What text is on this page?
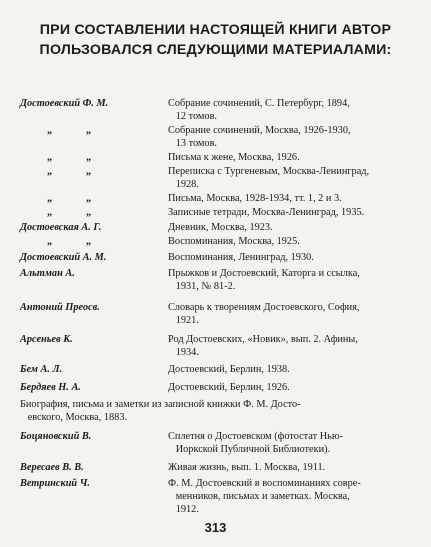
ПРИ СОСТАВЛЕНИИ НАСТОЯЩЕЙ КНИГИ АВТОР
ПОЛЬЗОВАЛСЯ СЛЕДУЮЩИМИ МАТЕРИАЛАМИ:
Достоевский Ф. М.	Собрание сочинений, С. Петербург, 1894,
12 томов.
„	„	Собрание сочинений, Москва, 1926-1930,
13 томов.
„	„	Письма к жене, Москва, 1926.
„	„	Переписка с Тургеневым, Москва-Ленинград,
1928.
„	„	Письма, Москва, 1928-1934, тт. 1, 2 и 3.
„	„	Записные тетради, Москва-Ленинград, 1935.
Достоевская А. Г.	Дневник, Москва, 1923.
„	„	Воспоминания, Москва, 1925.
Достоевский А. М.	Воспоминания, Ленинград, 1930.
Альтман А.	Прыжков и Достоевский, Каторга и ссылка,
1931, № 81-2.
Антоний Преосв.	Словарь к творениям Достоевского, София,
1921.
Арсеньев К.	Род Достоевских, «Новик», вып. 2. Афины,
1934.
Бем А. Л.	Достоевский, Берлин, 1938.
Бердяев Н. А.	Достоевский, Берлин, 1926.
Биография, письма и заметки из записной книжки Ф. М. Досто-
евского, Москва, 1883.
Боцяновский В.	Сплетня о Достоевском (фотостат Нью-
Иоркской Публичной Библиотеки).
Вересаев В. В.	Живая жизнь, вып. 1. Москва, 1911.
Ветринский Ч.	Ф. М. Достоевский в воспоминаниях совре-
менников, письмах и заметках. Москва,
1912.
313
